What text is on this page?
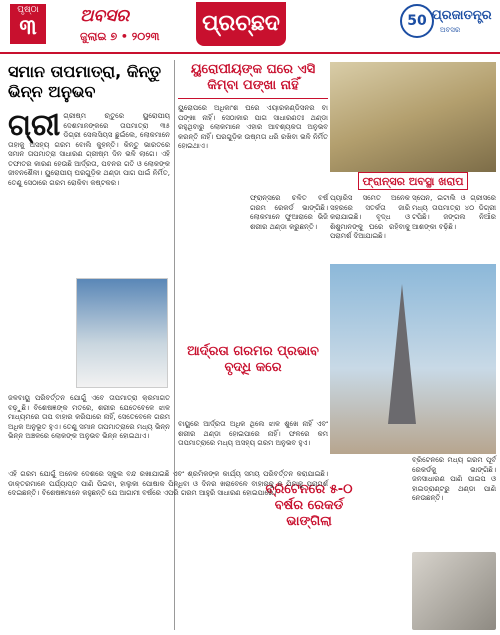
ପୃଷ୍ଠା
୩	ଅବସର
ଜୁଲାଇ ୭ • ୨୦୨୩
ପ୍ରଚ୍ଛଦ	50 ପ୍ରଜାତନ୍ତ୍ର
ଅବସର
ସମାନ ତାପମାତ୍ରା, କିନ୍ତୁ ଭିନ୍ନ ଅନୁଭବ
ଗ୍ରୀ ଗ୍ରୀଷ୍ମ ଋତୁରେ ୟୁରୋପୀୟ ଦେଶମାନଙ୍କରେ ତାପମାତ୍ରା ୩୫ ଡିଗ୍ରୀ ସେଲସିୟସ ଛୁଇଁଲେ, ଲୋକମାନେ ତାହାକୁ ଅସହ୍ୟ ଗରମ ବୋଲି କୁହନ୍ତି। କିନ୍ତୁ ଭାରତରେ ସମାନ ତାପମାତ୍ରା ସାଧାରଣ ଗ୍ରୀଷ୍ମ ଦିନ ଭଳି ଲାଗେ। ଏହି ତଫାତର କାରଣ ହେଉଛି ଆର୍ଦ୍ରତା, ପବନର ଗତି ଓ ଲୋକଙ୍କ ଜୀବନଶୈଳୀ। ୟୁରୋପୀୟ ଘରଗୁଡ଼ିକ ଥଣ୍ଡା ପାଗ ପାଇଁ ନିର୍ମିତ, ତେଣୁ ସେଠାରେ ଗରମ ରୋକିବା କଷ୍ଟକର।

ଜଳବାୟୁ ପରିବର୍ତ୍ତନ ଯୋଗୁଁ ଏବେ ତାପମାତ୍ରା କ୍ରମାଗତ ବଢ଼ୁଛି। ବିଶେଷଜ୍ଞଙ୍କ ମତରେ, ଶରୀର ଯେତେବେଳେ ଝାଳ ମାଧ୍ୟମରେ ତାପ ବାହାର କରିପାରେ ନାହିଁ, ସେତେବେଳେ ଗରମ ଅଧିକ ଅନୁଭୂତ ହୁଏ। ତେଣୁ ସମାନ ତାପମାତ୍ରାରେ ମଧ୍ୟ ଭିନ୍ନ ଭିନ୍ନ ଅଞ୍ଚଳରେ ଲୋକଙ୍କ ଅନୁଭବ ଭିନ୍ନ ହୋଇଥାଏ।

ୟୁରୋପୀୟଙ୍କ ଘରେ ଏସି କିମ୍ବା ପଙ୍ଖା ନାହିଁ

ୟୁରୋପରେ ଅଧିକାଂଶ ଘରେ ଏୟାରକଣ୍ଡିସନର ବା ପଙ୍ଖା ନାହିଁ। ସେଠାକାର ପାଗ ସାଧାରଣତଃ ଥଣ୍ଡା ରହୁଥିବାରୁ ଲୋକମାନେ ଏହାର ଆବଶ୍ୟକତା ଅନୁଭବ କରନ୍ତି ନାହିଁ। ଘରଗୁଡ଼ିକ ଉଷ୍ମତା ଧରି ରଖିବା ଭଳି ନିର୍ମିତ ହୋଇଥାଏ।

ଫ୍ରାନ୍ସର ଅବସ୍ଥା ଖରାପ

ଫ୍ରାନ୍ସରେ ଚଳିତ ବର୍ଷ ଗରମ ରେକର୍ଡ ଭାଙ୍ଗିଛି। ଲୋକମାନେ ଫୁଆରାରେ ଭିଜି ଶରୀର ଥଣ୍ଡା କରୁଛନ୍ତି।

ପ୍ୟାରିସ ସମେତ ଅନେକ ସହରରେ ସତର୍କତା ଜାରି କରାଯାଇଛି। ବୃଦ୍ଧ ଓ ଶିଶୁମାନଙ୍କୁ ଘରେ ରହିବାକୁ ପରାମର୍ଶ ଦିଆଯାଇଛି।

ସ୍ପେନ, ଇଟାଲି ଓ ଗ୍ରୀସରେ ମଧ୍ୟ ତାପମାତ୍ରା ୪୦ ଡିଗ୍ରୀ ଟପିଛି। ଜଙ୍ଗଲ ନିଆଁର ଆଶଙ୍କା ବଢ଼ିଛି।

ଆର୍ଦ୍ରତା ଗରମର ପ୍ରଭାବ ବୃଦ୍ଧି କରେ

ବାୟୁରେ ଆର୍ଦ୍ରତା ଅଧିକ ଥିଲେ ଝାଳ ଶୁଖେ ନାହିଁ ଏବଂ ଶରୀର ଥଣ୍ଡା ହୋଇପାରେ ନାହିଁ। ଫଳରେ କମ ତାପମାତ୍ରାରେ ମଧ୍ୟ ଅସହ୍ୟ ଗରମ ଅନୁଭବ ହୁଏ।

ବ୍ରିଟେନରେ ୫-୦ ବର୍ଷର ରେକର୍ଡ ଭାଙ୍ଗିଲା

ଏହି ଗରମ ଯୋଗୁଁ ଅନେକ ଦେଶରେ ସ୍କୁଲ ବନ୍ଦ ରଖାଯାଇଛି ଏବଂ ଶ୍ରମିକଙ୍କ କାର୍ଯ୍ୟ ସମୟ ପରିବର୍ତ୍ତନ କରାଯାଇଛି। ଡାକ୍ତରମାନେ ପର୍ଯ୍ୟାପ୍ତ ପାଣି ପିଇବା, ହାଲୁକା ପୋଷାକ ପିନ୍ଧିବା ଓ ଦିନର ଖରାବେଳେ ବାହାରକୁ ନ ଯିବାକୁ ପରାମର୍ଶ ଦେଇଛନ୍ତି। ବିଶେଷଜ୍ଞମାନେ କହୁଛନ୍ତି ଯେ ଆଗାମୀ ବର୍ଷରେ ଏପରି ଗରମ ଆହୁରି ସାଧାରଣ ହୋଇପାରେ।

ବ୍ରିଟେନରେ ମଧ୍ୟ ଗରମ ପୂର୍ବ ରେକର୍ଡକୁ ଭାଙ୍ଗିଛି। ଜନସାଧାରଣ ପାଣି ପାଇପ ଓ ହାଇଡ୍ରାଣ୍ଟରୁ ଥଣ୍ଡା ପାଣି ନେଉଛନ୍ତି।
